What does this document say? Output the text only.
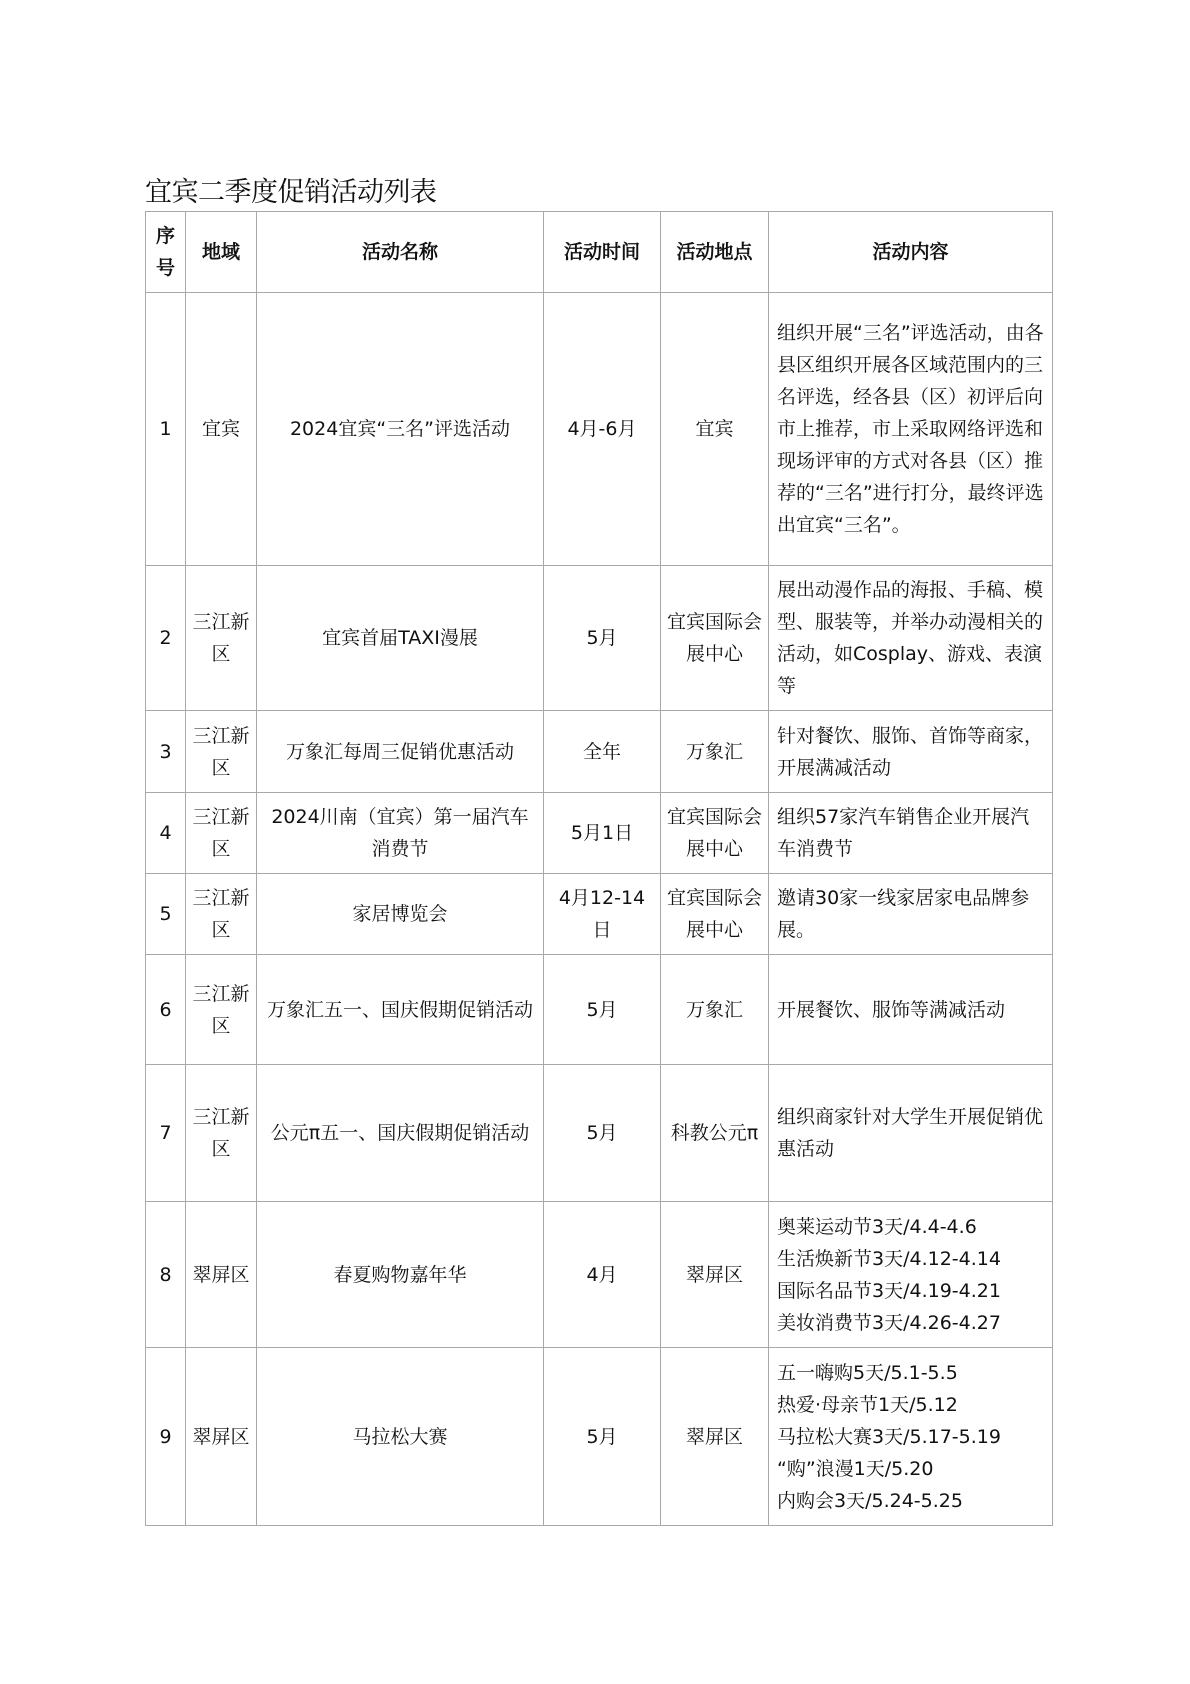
宜宾二季度促销活动列表
序号	地域	活动名称	活动时间	活动地点	活动内容
1	宜宾	2024宜宾“三名”评选活动	4月-6月	宜宾	组织开展“三名”评选活动，由各县区组织开展各区域范围内的三名评选，经各县（区）初评后向市上推荐，市上采取网络评选和现场评审的方式对各县（区）推荐的“三名”进行打分，最终评选出宜宾“三名”。

2	三江新区	宜宾首届TAXI漫展	5月	宜宾国际会展中心	展出动漫作品的海报、手稿、模型、服装等，并举办动漫相关的活动，如Cosplay、游戏、表演等

3	三江新区	万象汇每周三促销优惠活动	全年	万象汇	针对餐饮、服饰、首饰等商家，开展满减活动

4	三江新区	2024川南（宜宾）第一届汽车消费节	5月1日	宜宾国际会展中心	组织57家汽车销售企业开展汽车消费节

5	三江新区	家居博览会	4月12-14日	宜宾国际会展中心	邀请30家一线家居家电品牌参展。

6	三江新区	万象汇五一、国庆假期促销活动	5月	万象汇	开展餐饮、服饰等满减活动

7	三江新区	公元π五一、国庆假期促销活动	5月	科教公元π	组织商家针对大学生开展促销优惠活动

8	翠屏区	春夏购物嘉年华	4月	翠屏区	奥莱运动节3天/4.4-4.6
生活焕新节3天/4.12-4.14
国际名品节3天/4.19-4.21
美妆消费节3天/4.26-4.27

9	翠屏区	马拉松大赛	5月	翠屏区	五一嗨购5天/5.1-5.5
热爱·母亲节1天/5.12
马拉松大赛3天/5.17-5.19
“购”浪漫1天/5.20
内购会3天/5.24-5.25
